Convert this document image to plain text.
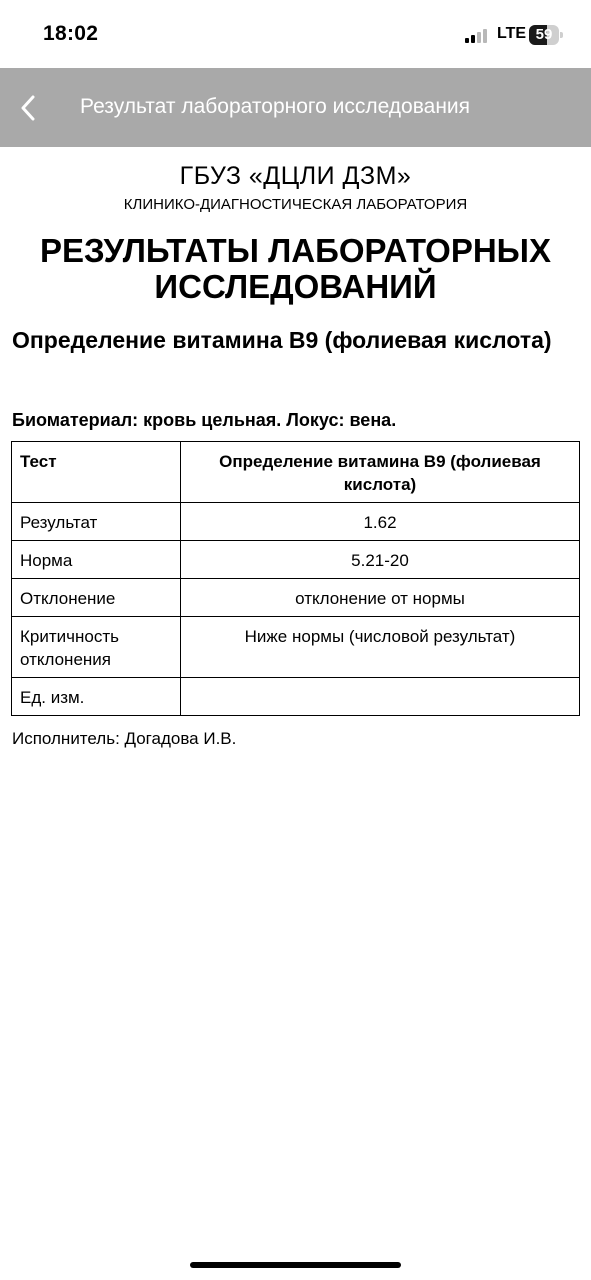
18:02	LTE 59
Результат лабораторного исследования
ГБУЗ «ДЦЛИ ДЗМ»
КЛИНИКО-ДИАГНОСТИЧЕСКАЯ ЛАБОРАТОРИЯ
РЕЗУЛЬТАТЫ ЛАБОРАТОРНЫХ
ИССЛЕДОВАНИЙ
Определение витамина В9 (фолиевая кислота)
Биоматериал: кровь цельная. Локус: вена.
Тест	Определение витамина В9 (фолиевая кислота)
Результат	1.62
Норма	5.21-20
Отклонение	отклонение от нормы
Критичность отклонения	Ниже нормы (числовой результат)
Ед. изм.	
Исполнитель: Догадова И.В.
